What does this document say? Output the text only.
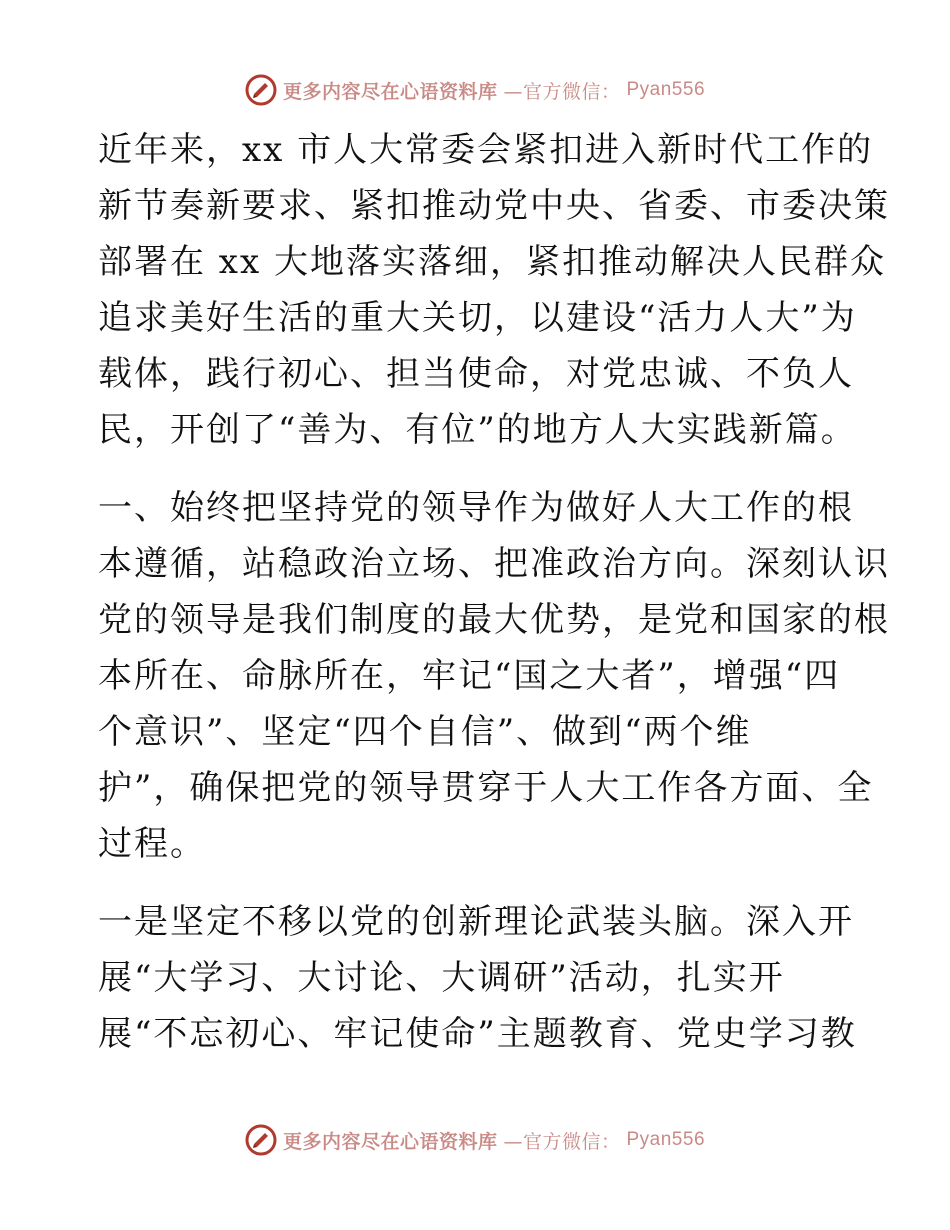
更多内容尽在心语资料库 —官方微信： Pyan556
近年来，xx 市人大常委会紧扣进入新时代工作的
新节奏新要求、紧扣推动党中央、省委、市委决策
部署在 xx 大地落实落细，紧扣推动解决人民群众
追求美好生活的重大关切，以建设“活力人大”为
载体，践行初心、担当使命，对党忠诚、不负人
民，开创了“善为、有位”的地方人大实践新篇。
一、始终把坚持党的领导作为做好人大工作的根
本遵循，站稳政治立场、把准政治方向。深刻认识
党的领导是我们制度的最大优势，是党和国家的根
本所在、命脉所在，牢记“国之大者”，增强“四
个意识”、坚定“四个自信”、做到“两个维
护”，确保把党的领导贯穿于人大工作各方面、全
过程。
一是坚定不移以党的创新理论武装头脑。深入开
展“大学习、大讨论、大调研”活动，扎实开
展“不忘初心、牢记使命”主题教育、党史学习教
更多内容尽在心语资料库 —官方微信： Pyan556
